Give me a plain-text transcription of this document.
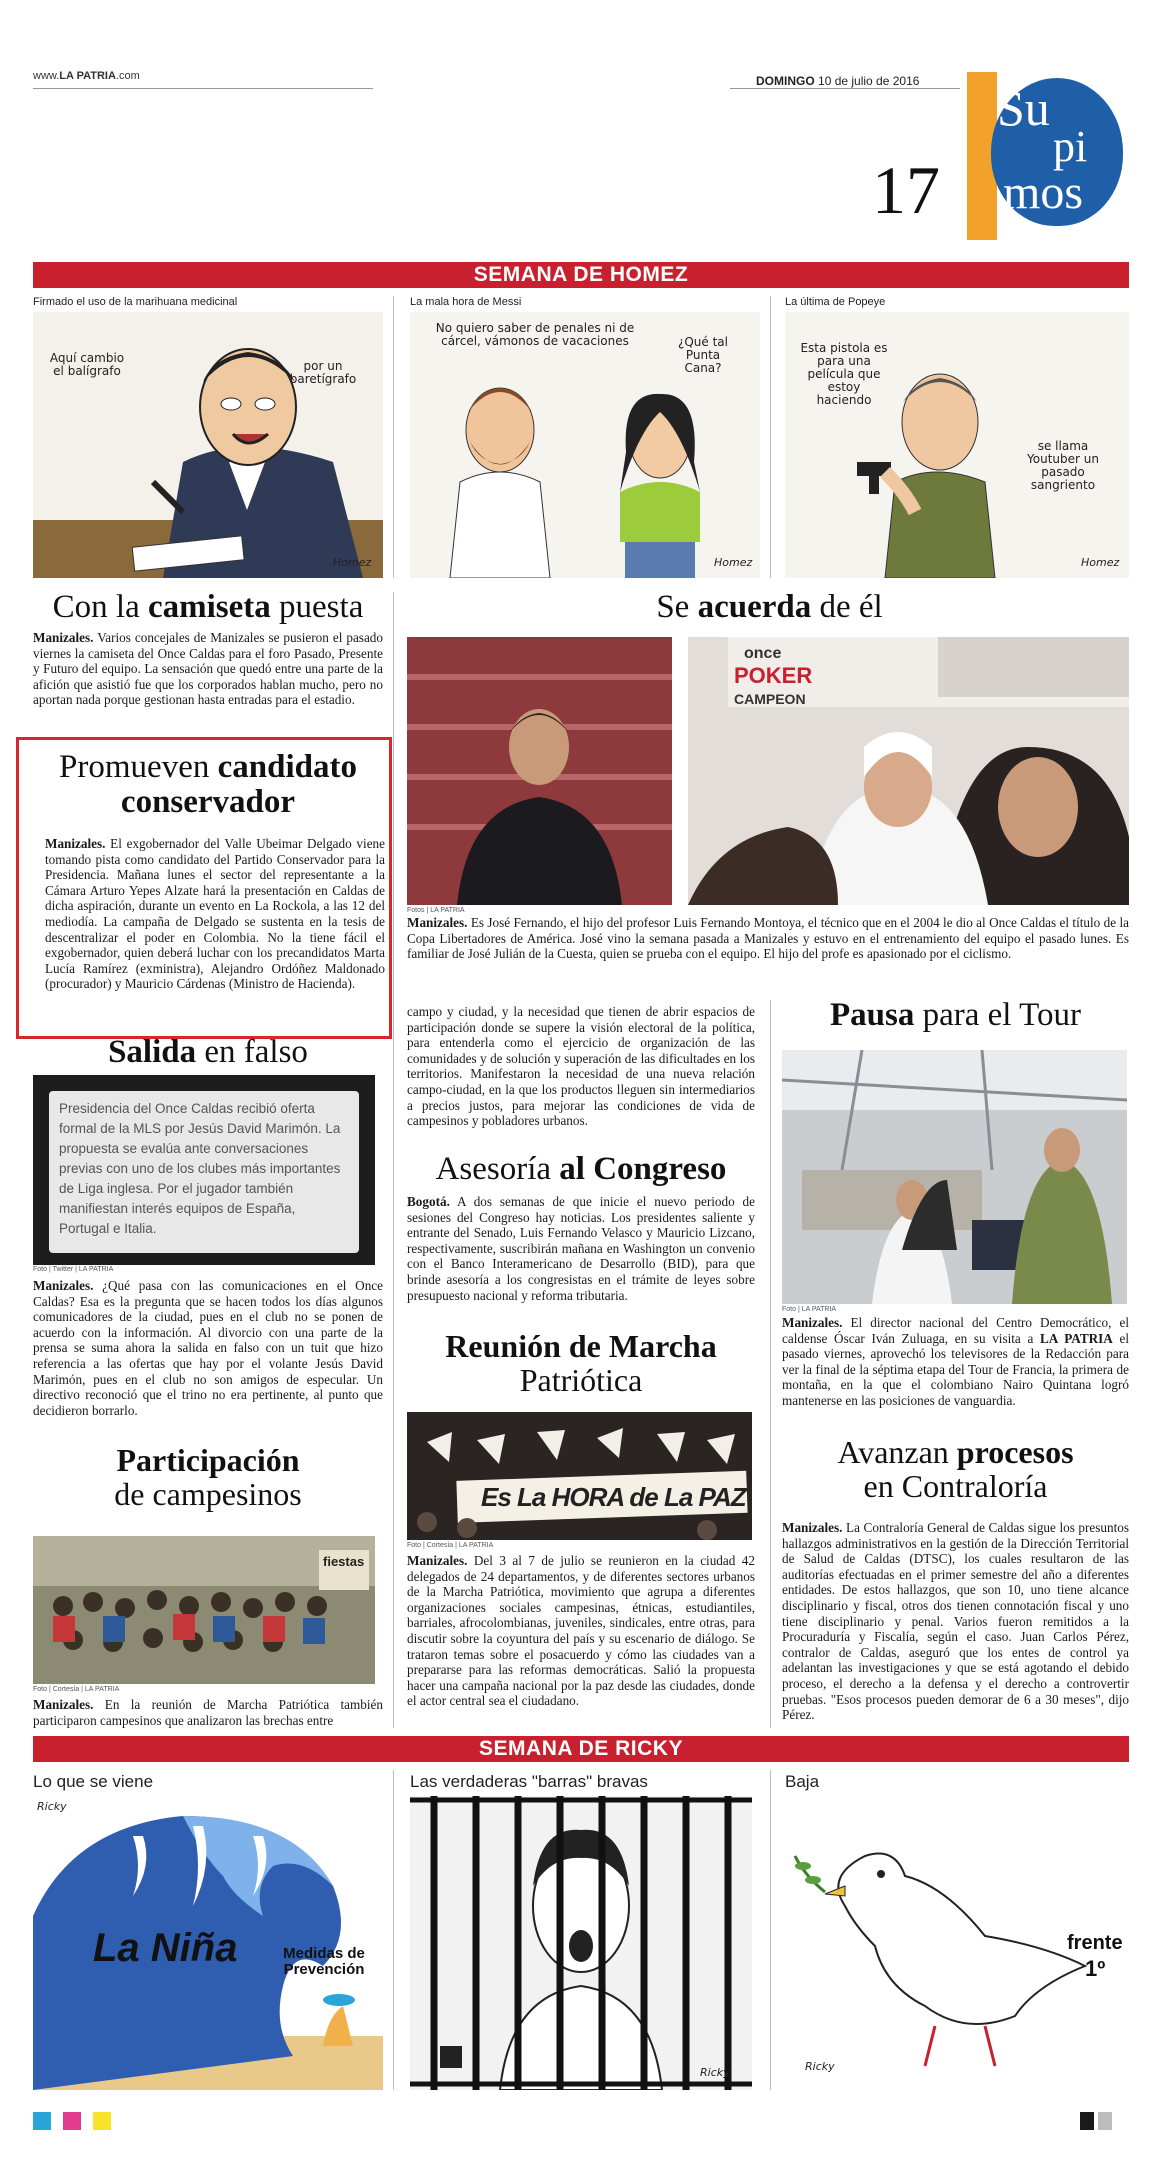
www.LA PATRIA.com	DOMINGO 10 de julio de 2016
17
Su
pi
mos
SEMANA DE HOMEZ
Firmado el uso de la marihuana medicinal	La mala hora de Messi	La última de Popeye
Aquí cambio el balígrafo	por un baretígrafo
Homez
No quiero saber de penales ni de cárcel, vámonos de vacaciones	¿Qué tal Punta Cana?
Homez
Esta pistola es para una película que estoy haciendo
se llama Youtuber un pasado sangriento
Homez
Con la camiseta puesta
Manizales. Varios concejales de Manizales se pusieron el pasado viernes la camiseta del Once Caldas para el foro Pasado, Presente y Futuro del equipo. La sensación que quedó entre una parte de la afición que asistió fue que los corporados hablan mucho, pero no aportan nada porque gestionan hasta entradas para el estadio.
Promueven candidato
conservador
Manizales. El exgobernador del Valle Ubeimar Delgado viene tomando pista como candidato del Partido Conservador para la Presidencia. Mañana lunes el sector del representante a la Cámara Arturo Yepes Alzate hará la presentación en Caldas de dicha aspiración, durante un evento en La Rockola, a las 12 del mediodía. La campaña de Delgado se sustenta en la tesis de descentralizar el poder en Colombia. No la tiene fácil el exgobernador, quien deberá luchar con los precandidatos Marta Lucía Ramírez (exministra), Alejandro Ordóñez Maldonado (procurador) y Mauricio Cárdenas (Ministro de Hacienda).
Salida en falso
Presidencia del Once Caldas recibió oferta formal de la MLS por Jesús David Marimón. La propuesta se evalúa ante conversaciones previas con uno de los clubes más importantes de Liga inglesa. Por el jugador también manifiestan interés equipos de España, Portugal e Italia.
Foto | Twitter | LA PATRIA
Manizales. ¿Qué pasa con las comunicaciones en el Once Caldas? Esa es la pregunta que se hacen todos los días algunos comunicadores de la ciudad, pues en el club no se ponen de acuerdo con la información. Al divorcio con una parte de la prensa se suma ahora la salida en falso con un tuit que hizo referencia a las ofertas que hay por el volante Jesús David Marimón, pues en el club no son amigos de especular. Un directivo reconoció que el trino no era pertinente, al punto que decidieron borrarlo.
Participación
de campesinos
fiestas
Foto | Cortesía | LA PATRIA
Manizales. En la reunión de Marcha Patriótica también participaron campesinos que analizaron las brechas entre
Se acuerda de él
once
POKER
CAMPEON
Fotos | LA PATRIA
Manizales. Es José Fernando, el hijo del profesor Luis Fernando Montoya, el técnico que en el 2004 le dio al Once Caldas el título de la Copa Libertadores de América. José vino la semana pasada a Manizales y estuvo en el entrenamiento del equipo el pasado lunes. Es familiar de José Julián de la Cuesta, quien se prueba con el equipo. El hijo del profe es apasionado por el ciclismo.
campo y ciudad, y la necesidad que tienen de abrir espacios de participación donde se supere la visión electoral de la política, para entenderla como el ejercicio de organización de las comunidades y de solución y superación de las dificultades en los territorios. Manifestaron la necesidad de una nueva relación campo-ciudad, en la que los productos lleguen sin intermediarios a precios justos, para mejorar las condiciones de vida de campesinos y pobladores urbanos.
Asesoría al Congreso
Bogotá. A dos semanas de que inicie el nuevo periodo de sesiones del Congreso hay noticias. Los presidentes saliente y entrante del Senado, Luis Fernando Velasco y Mauricio Lizcano, respectivamente, suscribirán mañana en Washington un convenio con el Banco Interamericano de Desarrollo (BID), para que brinde asesoría a los congresistas en el trámite de leyes sobre presupuesto nacional y reforma tributaria.
Reunión de Marcha
Patriótica
Es La HORA de La PAZ
Foto | Cortesía | LA PATRIA
Manizales. Del 3 al 7 de julio se reunieron en la ciudad 42 delegados de 24 departamentos, y de diferentes sectores urbanos de la Marcha Patriótica, movimiento que agrupa a diferentes organizaciones sociales campesinas, étnicas, estudiantiles, barriales, afrocolombianas, juveniles, sindicales, entre otras, para discutir sobre la coyuntura del país y su escenario de diálogo. Se trataron temas sobre el posacuerdo y cómo las ciudades van a prepararse para las reformas democráticas. Salió la propuesta hacer una campaña nacional por la paz desde las ciudades, donde el actor central sea el ciudadano.
Pausa para el Tour
Foto | LA PATRIA
Manizales. El director nacional del Centro Democrático, el caldense Óscar Iván Zuluaga, en su visita a LA PATRIA el pasado viernes, aprovechó los televisores de la Redacción para ver la final de la séptima etapa del Tour de Francia, la primera de montaña, en la que el colombiano Nairo Quintana logró mantenerse en las posiciones de vanguardia.
Avanzan procesos
en Contraloría
Manizales. La Contraloría General de Caldas sigue los presuntos hallazgos administrativos en la gestión de la Dirección Territorial de Salud de Caldas (DTSC), los cuales resultaron de las auditorías efectuadas en el primer semestre del año a diferentes entidades. De estos hallazgos, que son 10, uno tiene alcance disciplinario y fiscal, otros dos tienen connotación fiscal y uno tiene disciplinario y penal. Varios fueron remitidos a la Procuraduría y Fiscalía, según el caso. Juan Carlos Pérez, contralor de Caldas, aseguró que los entes de control ya adelantan las investigaciones y que se está agotando el debido proceso, el derecho a la defensa y el derecho a controvertir pruebas. "Esos procesos pueden demorar de 6 a 30 meses", dijo Pérez.
SEMANA DE RICKY
Lo que se viene	Las verdaderas "barras" bravas	Baja
La Niña	Medidas de Prevención
Ricky
Ricky
frente
1º
Ricky
